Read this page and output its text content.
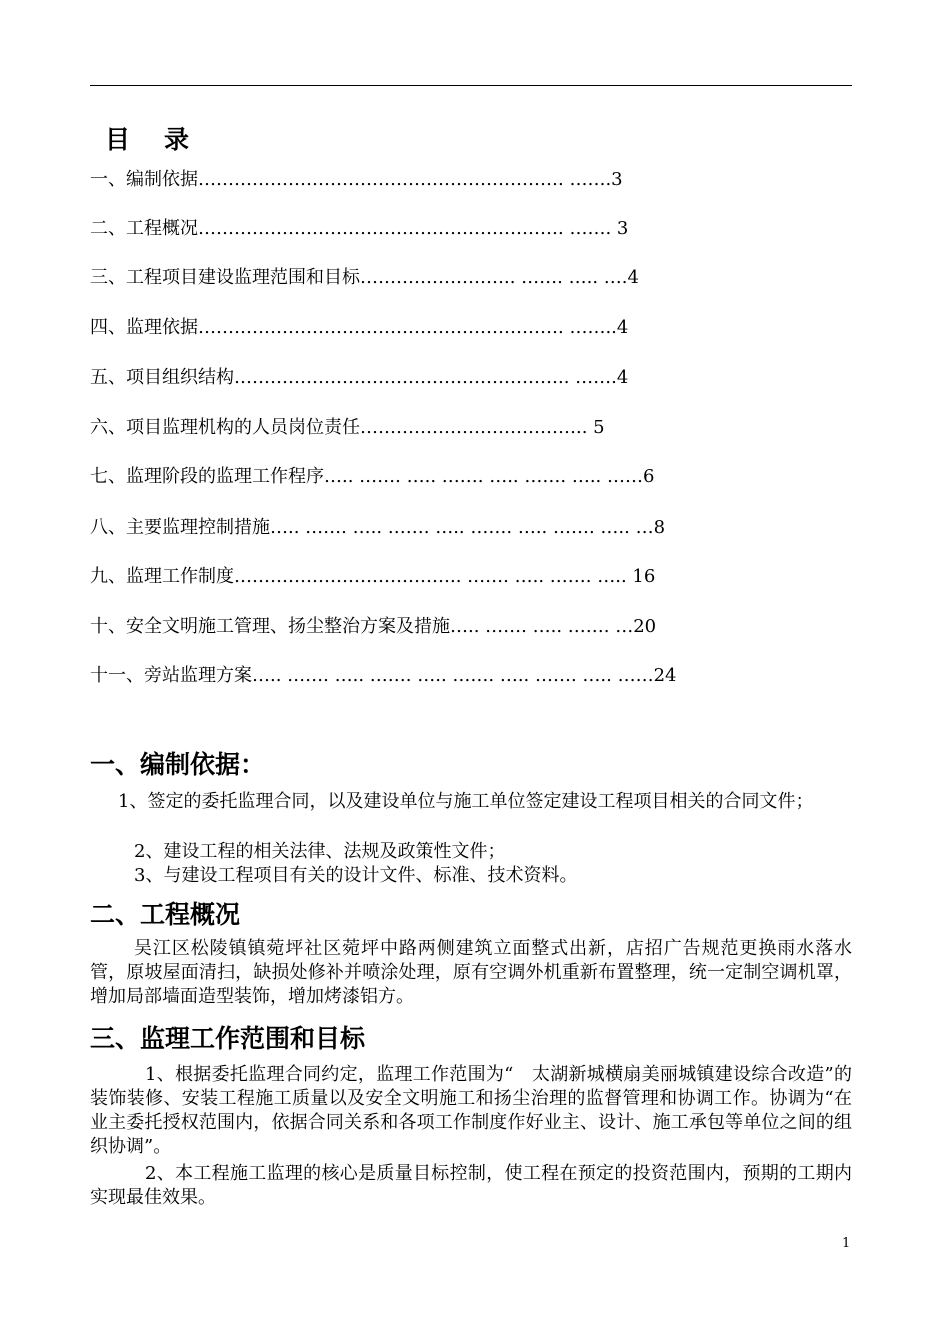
目录
一、编制依据……………………………………………………. …….3
二、工程概况……………………………………………………. ……. 3
三、工程项目建设监理范围和目标…………………….. ……. ….. ….4
四、监理依据……………………………………………………. ……..4
五、项目组织结构……………………………………………….. …….4
六、项目监理机构的人员岗位责任……………………………….. 5
七、监理阶段的监理工作程序….. ……. ….. ……. ….. ……. ….. ……6
八、主要监理控制措施….. ……. ….. ……. ….. ……. ….. ……. ….. …8
九、监理工作制度……………………………….. ……. ….. ……. ….. 16
十、安全文明施工管理、扬尘整治方案及措施….. ……. ….. ……. …20
十一、旁站监理方案….. ……. ….. ……. ….. ……. ….. ……. ….. ……24
一、编制依据：
1、签定的委托监理合同，以及建设单位与施工单位签定建设工程项目相关的合同文件；
2、建设工程的相关法律、法规及政策性文件；
3、与建设工程项目有关的设计文件、标准、技术资料。
二、工程概况
吴江区松陵镇镇菀坪社区菀坪中路两侧建筑立面整式出新，店招广告规范更换雨水落水管，原坡屋面清扫，缺损处修补并喷涂处理，原有空调外机重新布置整理，统一定制空调机罩，增加局部墙面造型装饰，增加烤漆铝方。
三、监理工作范围和目标
1、根据委托监理合同约定，监理工作范围为“　太湖新城横扇美丽城镇建设综合改造”的装饰装修、安装工程施工质量以及安全文明施工和扬尘治理的监督管理和协调工作。协调为“在业主委托授权范围内，依据合同关系和各项工作制度作好业主、设计、施工承包等单位之间的组织协调”。
2、本工程施工监理的核心是质量目标控制，使工程在预定的投资范围内，预期的工期内实现最佳效果。
1
